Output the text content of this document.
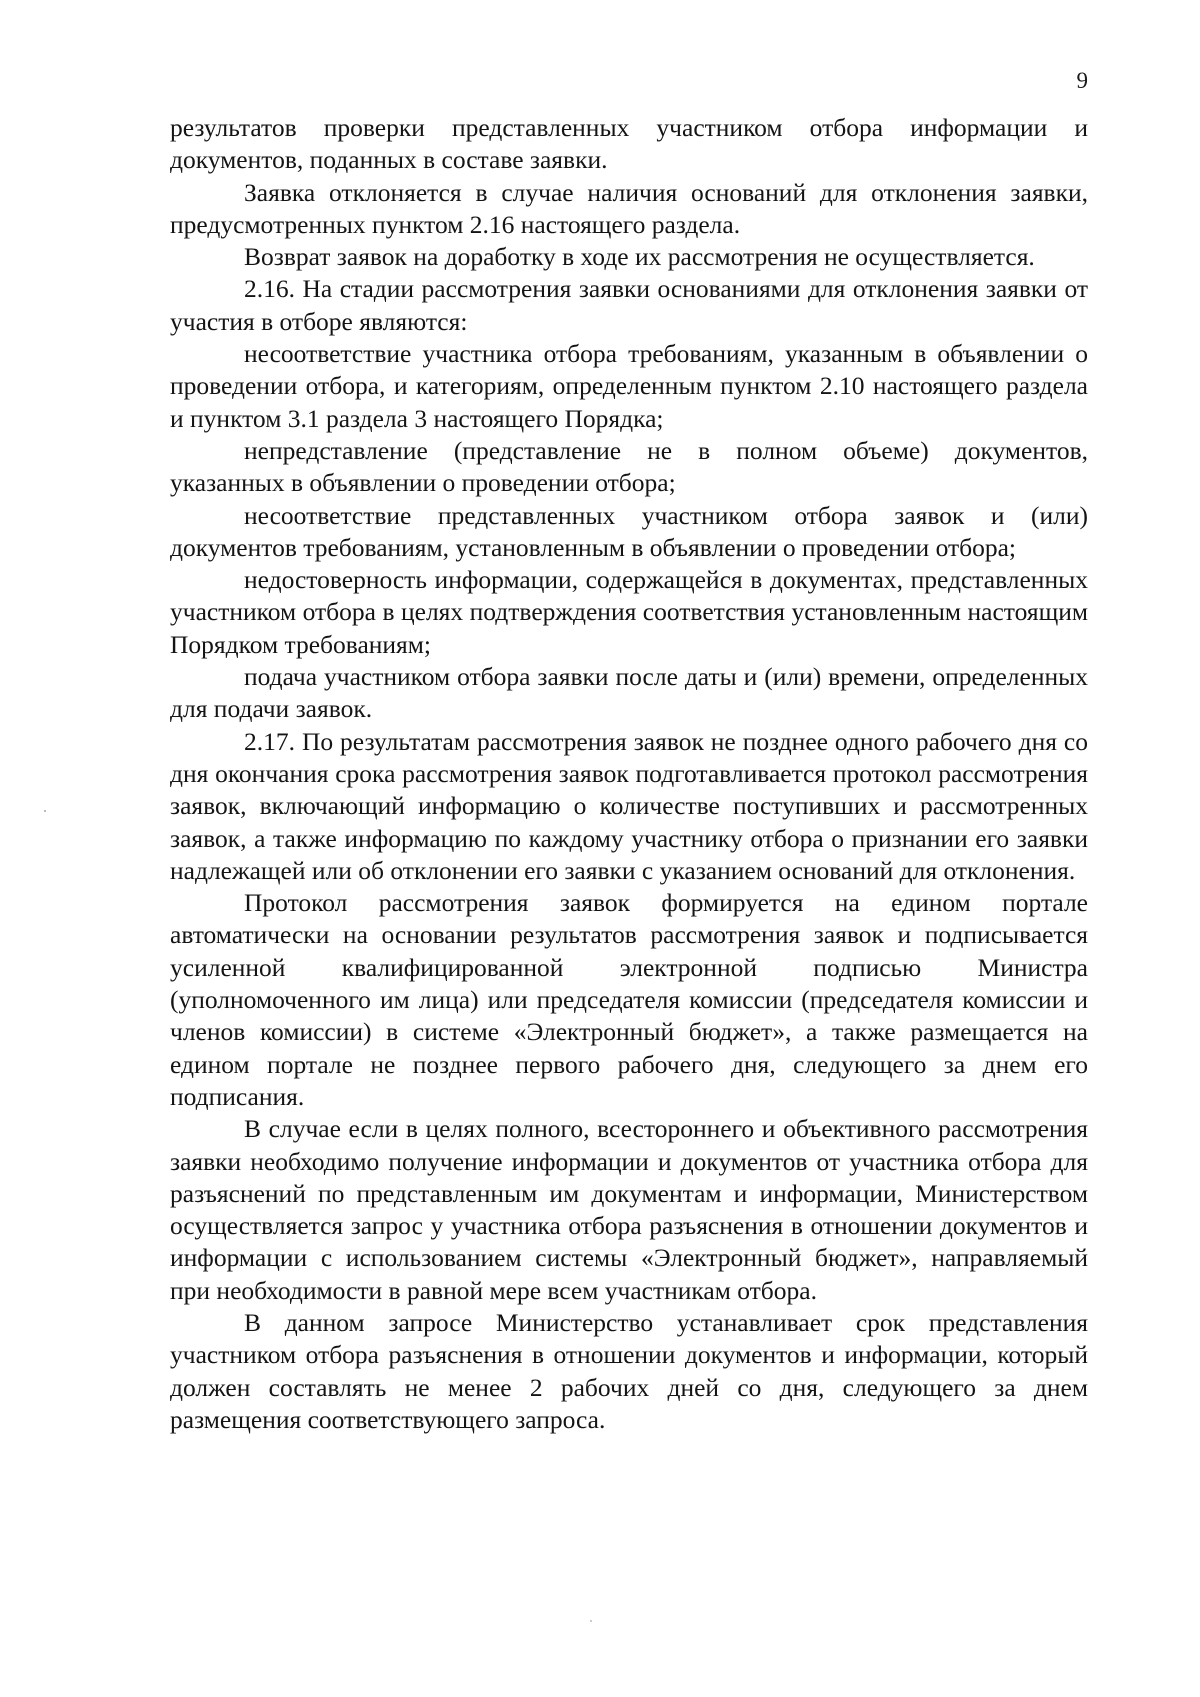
9

результатов проверки представленных участником отбора информации и документов, поданных в составе заявки.

Заявка отклоняется в случае наличия оснований для отклонения заявки, предусмотренных пунктом 2.16 настоящего раздела.

Возврат заявок на доработку в ходе их рассмотрения не осуществляется.

2.16. На стадии рассмотрения заявки основаниями для отклонения заявки от участия в отборе являются:

несоответствие участника отбора требованиям, указанным в объявлении о проведении отбора, и категориям, определенным пунктом 2.10 настоящего раздела и пунктом 3.1 раздела 3 настоящего Порядка;

непредставление (представление не в полном объеме) документов, указанных в объявлении о проведении отбора;

несоответствие представленных участником отбора заявок и (или) документов требованиям, установленным в объявлении о проведении отбора;

недостоверность информации, содержащейся в документах, представленных участником отбора в целях подтверждения соответствия установленным настоящим Порядком требованиям;

подача участником отбора заявки после даты и (или) времени, определенных для подачи заявок.

2.17. По результатам рассмотрения заявок не позднее одного рабочего дня со дня окончания срока рассмотрения заявок подготавливается протокол рассмотрения заявок, включающий информацию о количестве поступивших и рассмотренных заявок, а также информацию по каждому участнику отбора о признании его заявки надлежащей или об отклонении его заявки с указанием оснований для отклонения.

Протокол рассмотрения заявок формируется на едином портале автоматически на основании результатов рассмотрения заявок и подписывается усиленной квалифицированной электронной подписью Министра (уполномоченного им лица) или председателя комиссии (председателя комиссии и членов комиссии) в системе «Электронный бюджет», а также размещается на едином портале не позднее первого рабочего дня, следующего за днем его подписания.

В случае если в целях полного, всестороннего и объективного рассмотрения заявки необходимо получение информации и документов от участника отбора для разъяснений по представленным им документам и информации, Министерством осуществляется запрос у участника отбора разъяснения в отношении документов и информации с использованием системы «Электронный бюджет», направляемый при необходимости в равной мере всем участникам отбора.

В данном запросе Министерство устанавливает срок представления участником отбора разъяснения в отношении документов и информации, который должен составлять не менее 2 рабочих дней со дня, следующего за днем размещения соответствующего запроса.
